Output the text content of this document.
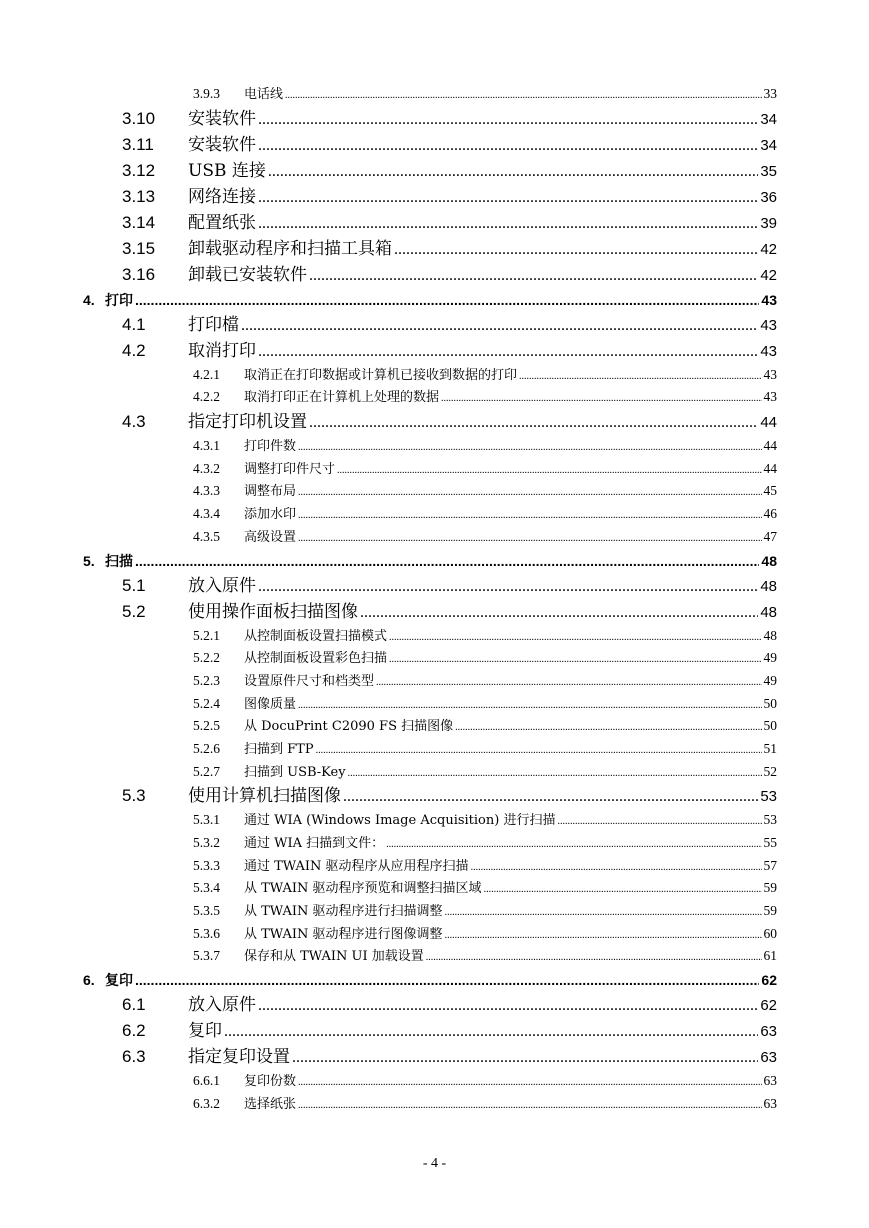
3.9.3	电话线 .....	33
3.10	安装软件 .....	34
3.11	安装软件 .....	34
3.12	USB 连接 .....	35
3.13	网络连接 .....	36
3.14	配置纸张 .....	39
3.15	卸载驱动程序和扫描工具箱 .....	42
3.16	卸载已安装软件 .....	42
4. 打印 .....	43
4.1	打印檔 .....	43
4.2	取消打印 .....	43
4.2.1	取消正在打印数据或计算机已接收到数据的打印 .....	43
4.2.2	取消打印正在计算机上处理的数据 .....	43
4.3	指定打印机设置 .....	44
4.3.1	打印件数 .....	44
4.3.2	调整打印件尺寸 .....	44
4.3.3	调整布局 .....	45
4.3.4	添加水印 .....	46
4.3.5	高级设置 .....	47
5. 扫描 .....	48
5.1	放入原件 .....	48
5.2	使用操作面板扫描图像 .....	48
5.2.1	从控制面板设置扫描模式 .....	48
5.2.2	从控制面板设置彩色扫描 .....	49
5.2.3	设置原件尺寸和档类型 .....	49
5.2.4	图像质量 .....	50
5.2.5	从 DocuPrint C2090 FS 扫描图像 .....	50
5.2.6	扫描到 FTP .....	51
5.2.7	扫描到 USB-Key .....	52
5.3	使用计算机扫描图像 .....	53
5.3.1	通过 WIA (Windows Image Acquisition) 进行扫描 .....	53
5.3.2	通过 WIA 扫描到文件： .....	55
5.3.3	通过 TWAIN 驱动程序从应用程序扫描 .....	57
5.3.4	从 TWAIN 驱动程序预览和调整扫描区域 .....	59
5.3.5	从 TWAIN 驱动程序进行扫描调整 .....	59
5.3.6	从 TWAIN 驱动程序进行图像调整 .....	60
5.3.7	保存和从 TWAIN UI 加载设置 .....	61
6. 复印 .....	62
6.1	放入原件 .....	62
6.2	复印 .....	63
6.3	指定复印设置 .....	63
6.6.1	复印份数 .....	63
6.3.2	选择纸张 .....	63
- 4 -
